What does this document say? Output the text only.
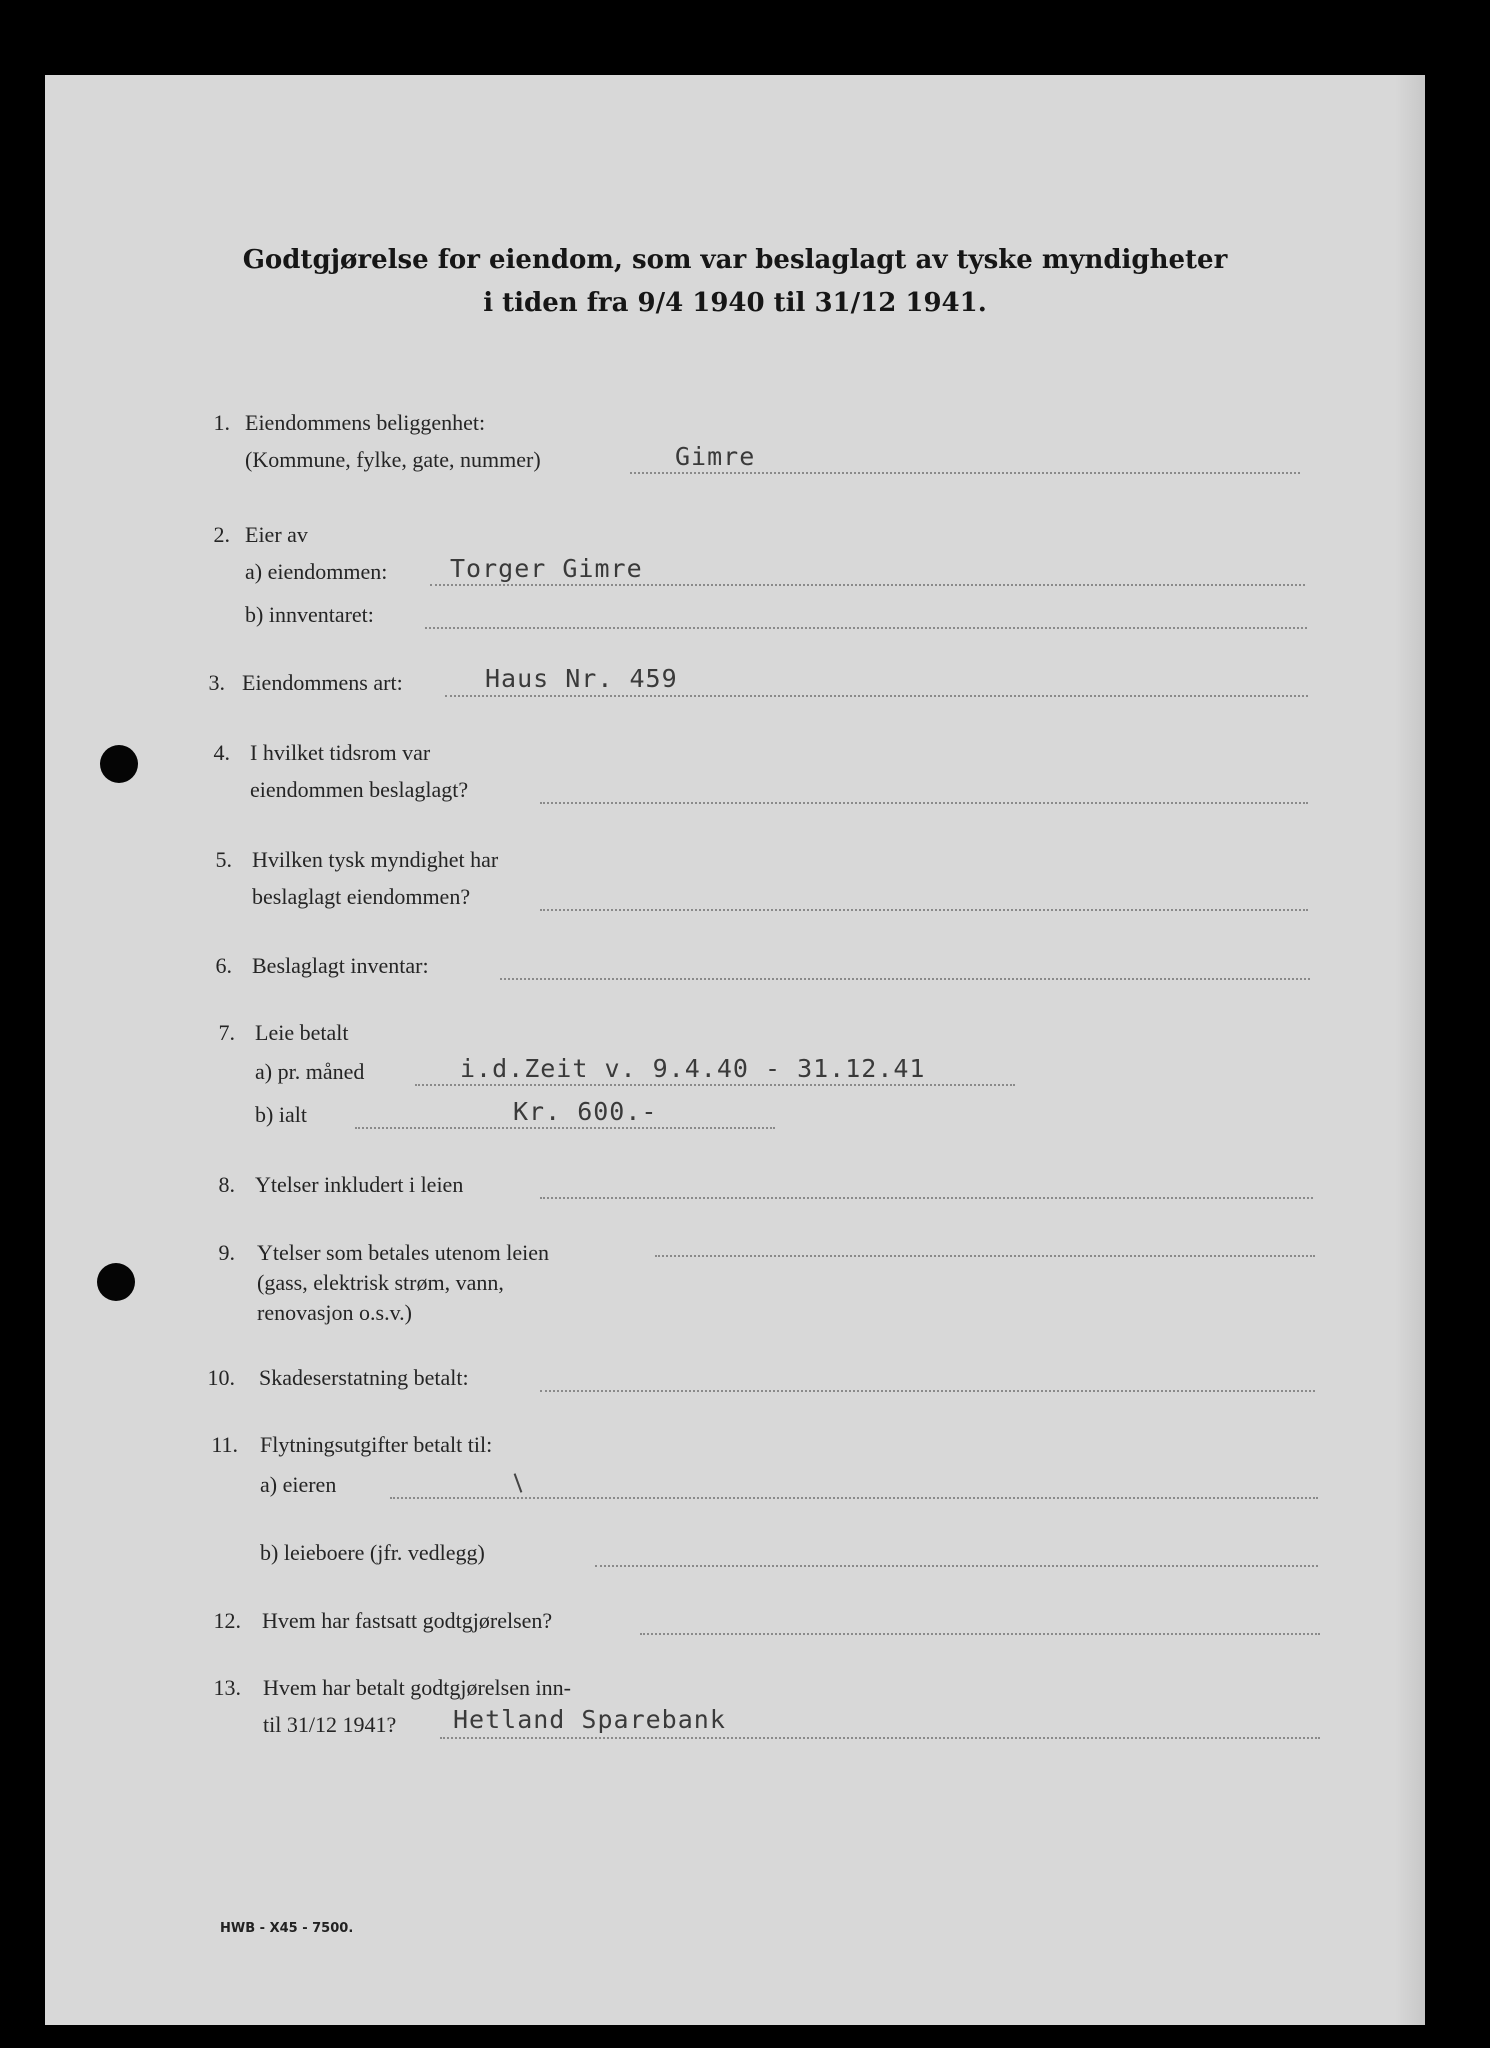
Godtgjørelse for eiendom, som var beslaglagt av tyske myndigheter
i tiden fra 9/4 1940 til 31/12 1941.
1. Eiendommens beliggenhet:
(Kommune, fylke, gate, nummer)	Gimre
2. Eier av
a) eiendommen:	Torger Gimre
b) innventaret:
3. Eiendommens art:	Haus Nr. 459
4. I hvilket tidsrom var
eiendommen beslaglagt?
5. Hvilken tysk myndighet har
beslaglagt eiendommen?
6. Beslaglagt inventar:
7. Leie betalt
a) pr. måned	i.d.Zeit v. 9.4.40 - 31.12.41
b) ialt	Kr. 600.-
8. Ytelser inkludert i leien
9. Ytelser som betales utenom leien
(gass, elektrisk strøm, vann,
renovasjon o.s.v.)
10. Skadeserstatning betalt:
11. Flytningsutgifter betalt til:
a) eieren
b) leieboere (jfr. vedlegg)
12. Hvem har fastsatt godtgjørelsen?
13. Hvem har betalt godtgjørelsen inn-
til 31/12 1941? Hetland Sparebank
HWB - X45 - 7500.
